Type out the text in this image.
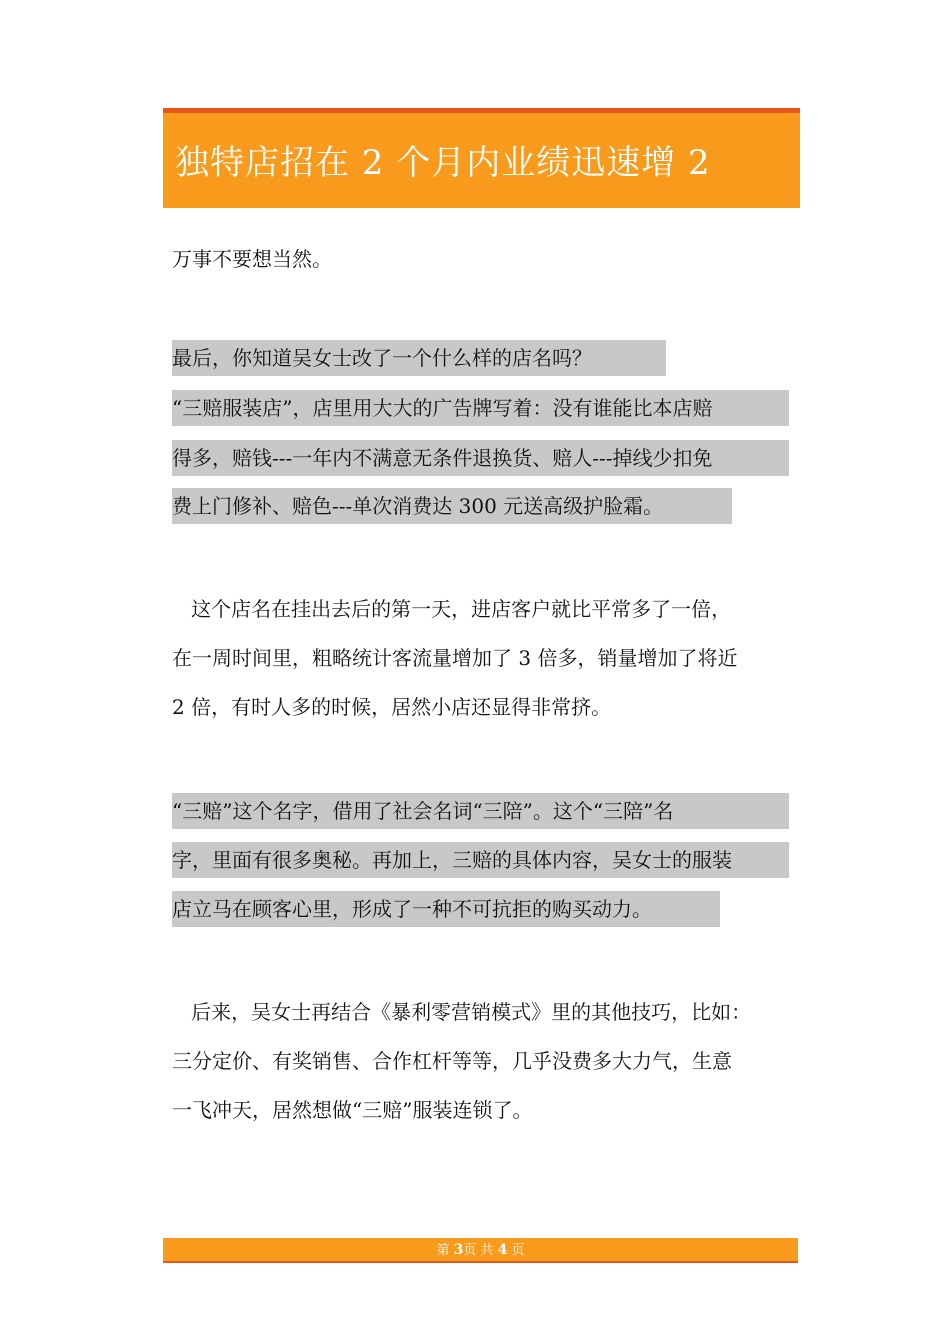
独特店招在 2 个月内业绩迅速增 2
万事不要想当然。
最后，你知道吴女士改了一个什么样的店名吗？
“三赔服装店”，店里用大大的广告牌写着：没有谁能比本店赔
得多，赔钱---一年内不满意无条件退换货、赔人---掉线少扣免
费上门修补、赔色---单次消费达 300 元送高级护脸霜。
这个店名在挂出去后的第一天，进店客户就比平常多了一倍，
在一周时间里，粗略统计客流量增加了 3 倍多，销量增加了将近
2 倍，有时人多的时候，居然小店还显得非常挤。
“三赔”这个名字，借用了社会名词“三陪”。这个“三陪”名
字，里面有很多奥秘。再加上，三赔的具体内容，吴女士的服装
店立马在顾客心里，形成了一种不可抗拒的购买动力。
后来，吴女士再结合《暴利零营销模式》里的其他技巧，比如：
三分定价、有奖销售、合作杠杆等等，几乎没费多大力气，生意
一飞冲天，居然想做“三赔”服装连锁了。
第 3页 共 4 页
